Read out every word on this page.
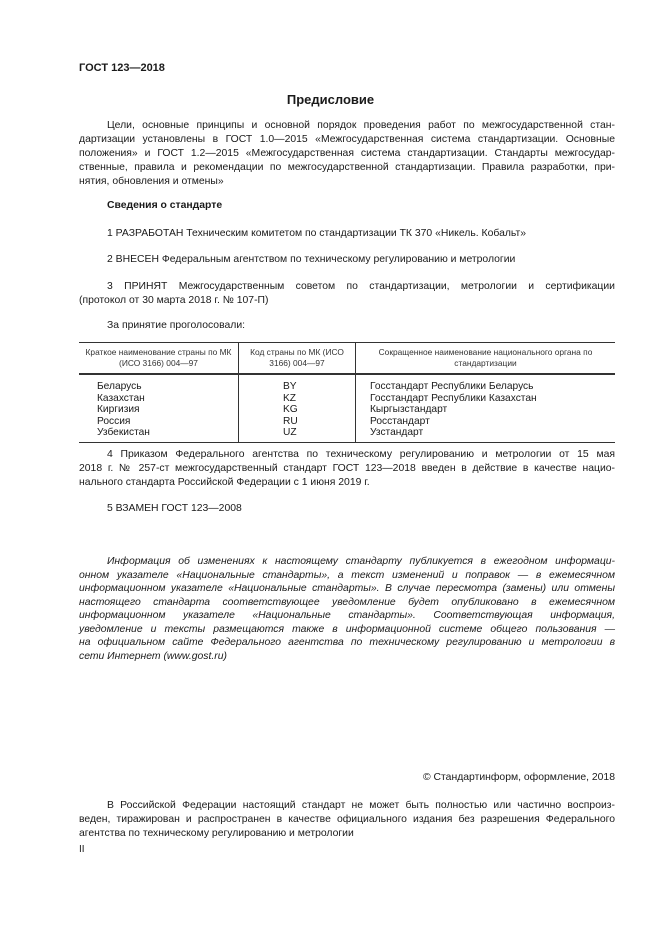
ГОСТ 123—2018
Предисловие
Цели, основные принципы и основной порядок проведения работ по межгосударственной стан-
дартизации установлены в ГОСТ 1.0—2015 «Межгосударственная система стандартизации. Основные
положения» и ГОСТ 1.2—2015 «Межгосударственная система стандартизации. Стандарты межгосудар-
ственные, правила и рекомендации по межгосударственной стандартизации. Правила разработки, при-
нятия, обновления и отмены»
Сведения о стандарте
1 РАЗРАБОТАН Техническим комитетом по стандартизации ТК 370 «Никель. Кобальт»
2 ВНЕСЕН Федеральным агентством по техническому регулированию и метрологии
3 ПРИНЯТ Межгосударственным советом по стандартизации, метрологии и сертификации
(протокол от 30 марта 2018 г. № 107-П)
За принятие проголосовали:
Краткое наименование страны по МК (ИСО 3166) 004—97	Код страны по МК (ИСО 3166) 004—97	Сокращенное наименование национального органа по стандартизации
Беларусь	BY	Госстандарт Республики Беларусь
Казахстан	KZ	Госстандарт Республики Казахстан
Киргизия	KG	Кыргызстандарт
Россия	RU	Росстандарт
Узбекистан	UZ	Узстандарт
4 Приказом Федерального агентства по техническому регулированию и метрологии от 15 мая
2018 г. № 257-ст межгосударственный стандарт ГОСТ 123—2018 введен в действие в качестве нацио-
нального стандарта Российской Федерации с 1 июня 2019 г.
5 ВЗАМЕН ГОСТ 123—2008
Информация об изменениях к настоящему стандарту публикуется в ежегодном информаци-
онном указателе «Национальные стандарты», а текст изменений и поправок — в ежемесячном
информационном указателе «Национальные стандарты». В случае пересмотра (замены) или отмены
настоящего стандарта соответствующее уведомление будет опубликовано в ежемесячном
информационном указателе «Национальные стандарты». Соответствующая информация,
уведомление и тексты размещаются также в информационной системе общего пользования —
на официальном сайте Федерального агентства по техническому регулированию и метрологии в
сети Интернет (www.gost.ru)
© Стандартинформ, оформление, 2018
В Российской Федерации настоящий стандарт не может быть полностью или частично воспроиз-
веден, тиражирован и распространен в качестве официального издания без разрешения Федерального
агентства по техническому регулированию и метрологии
II
